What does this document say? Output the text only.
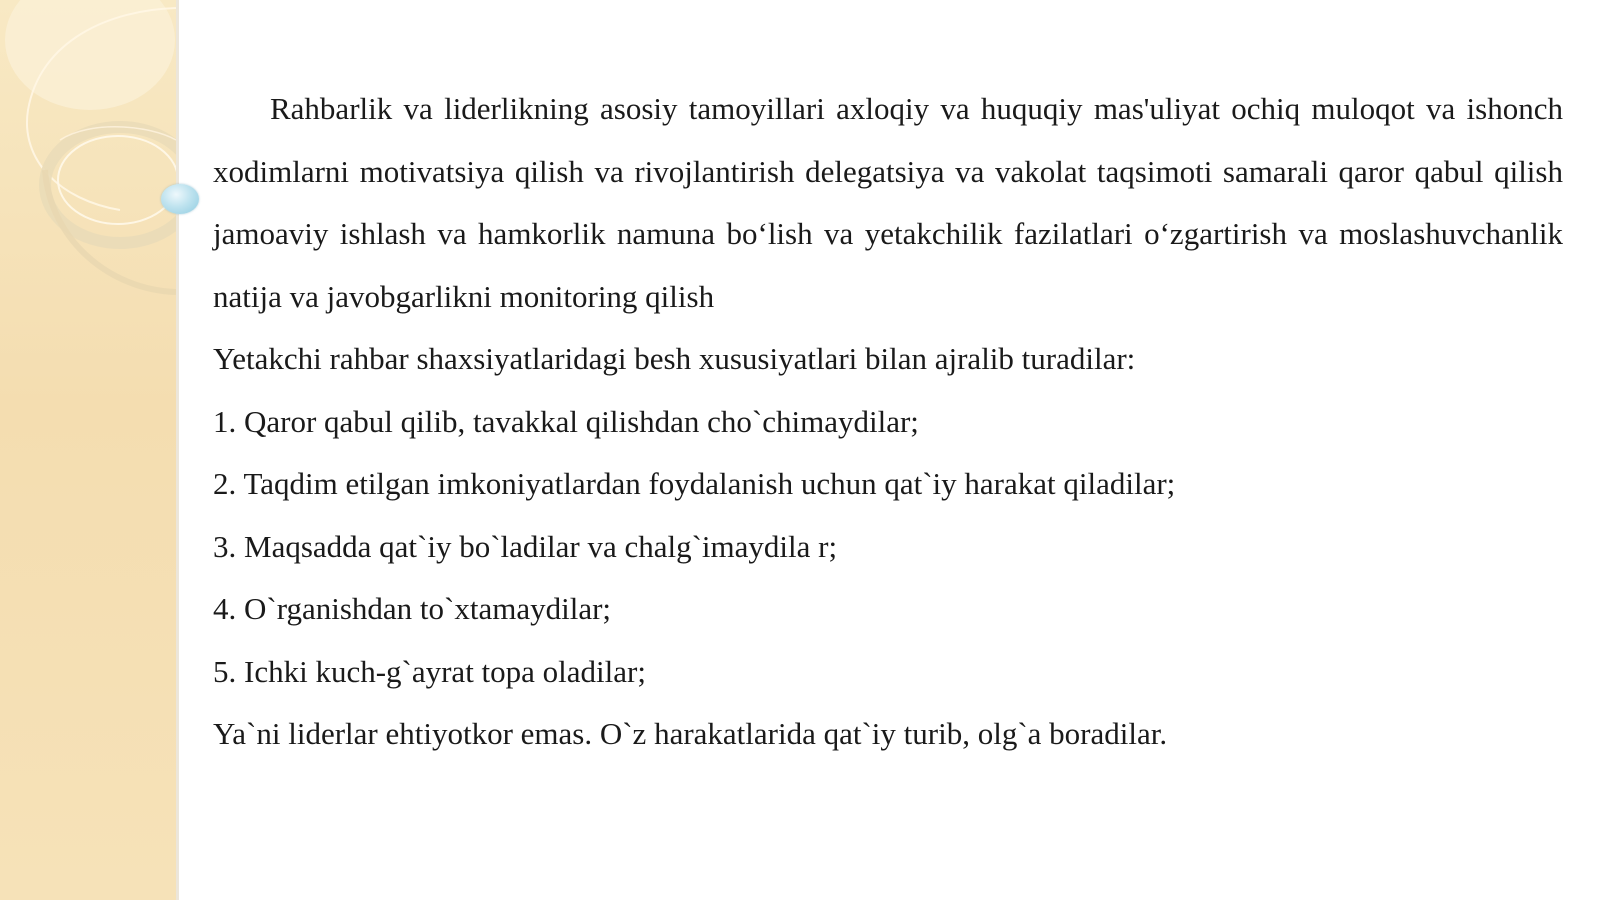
Rahbarlik va liderlikning asosiy tamoyillari axloqiy va huquqiy mas'uliyat ochiq muloqot va ishonch xodimlarni motivatsiya qilish va rivojlantirish delegatsiya va vakolat taqsimoti samarali qaror qabul qilish jamoaviy ishlash va hamkorlik namuna bo‘lish va yetakchilik fazilatlari o‘zgartirish va moslashuvchanlik natija va javobgarlikni monitoring qilish

Yetakchi rahbar shaxsiyatlaridagi besh xususiyatlari bilan ajralib turadilar:

1. Qaror qabul qilib, tavakkal qilishdan cho`chimaydilar;

2. Taqdim etilgan imkoniyatlardan foydalanish uchun qat`iy harakat qiladilar;

3. Maqsadda qat`iy bo`ladilar va chalg`imaydila r;

4. O`rganishdan to`xtamaydilar;

5. Ichki kuch-g`ayrat topa oladilar;

Ya`ni liderlar ehtiyotkor emas. O`z harakatlarida qat`iy turib, olg`a boradilar.
